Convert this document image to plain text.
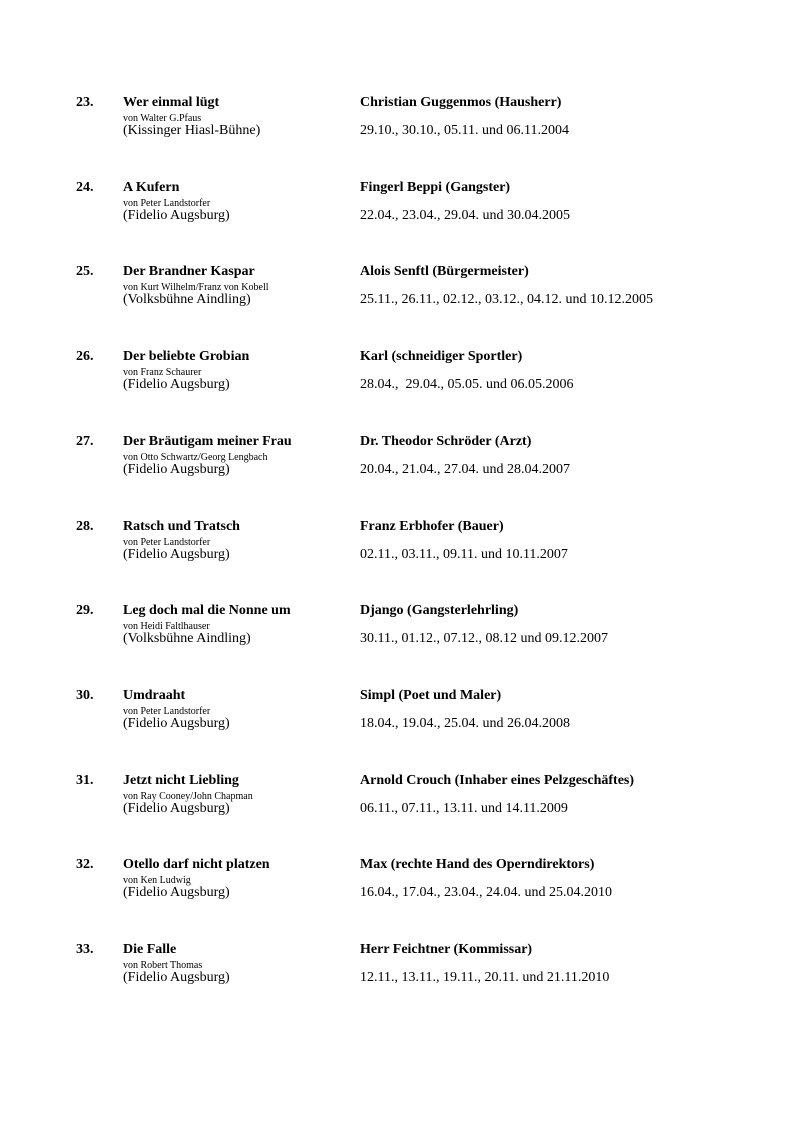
23. Wer einmal lügt
von Walter G.Pfaus
(Kissinger Hiasl-Bühne)
Christian Guggenmos (Hausherr)
29.10., 30.10., 05.11. und 06.11.2004
24. A Kufern
von Peter Landstorfer
(Fidelio Augsburg)
Fingerl Beppi (Gangster)
22.04., 23.04., 29.04. und 30.04.2005
25. Der Brandner Kaspar
von Kurt Wilhelm/Franz von Kobell
(Volksbühne Aindling)
Alois Senftl (Bürgermeister)
25.11., 26.11., 02.12., 03.12., 04.12. und 10.12.2005
26. Der beliebte Grobian
von Franz Schaurer
(Fidelio Augsburg)
Karl (schneidiger Sportler)
28.04.,  29.04., 05.05. und 06.05.2006
27. Der Bräutigam meiner Frau
von Otto Schwartz/Georg Lengbach
(Fidelio Augsburg)
Dr. Theodor Schröder (Arzt)
20.04., 21.04., 27.04. und 28.04.2007
28. Ratsch und Tratsch
von Peter Landstorfer
(Fidelio Augsburg)
Franz Erbhofer (Bauer)
02.11., 03.11., 09.11. und 10.11.2007
29. Leg doch mal die Nonne um
von Heidi Faltlhauser
(Volksbühne Aindling)
Django (Gangsterlehrling)
30.11., 01.12., 07.12., 08.12 und 09.12.2007
30. Umdraaht
von Peter Landstorfer
(Fidelio Augsburg)
Simpl (Poet und Maler)
18.04., 19.04., 25.04. und 26.04.2008
31. Jetzt nicht Liebling
von Ray Cooney/John Chapman
(Fidelio Augsburg)
Arnold Crouch (Inhaber eines Pelzgeschäftes)
06.11., 07.11., 13.11. und 14.11.2009
32. Otello darf nicht platzen
von Ken Ludwig
(Fidelio Augsburg)
Max (rechte Hand des Operndirektors)
16.04., 17.04., 23.04., 24.04. und 25.04.2010
33. Die Falle
von Robert Thomas
(Fidelio Augsburg)
Herr Feichtner (Kommissar)
12.11., 13.11., 19.11., 20.11. und 21.11.2010
